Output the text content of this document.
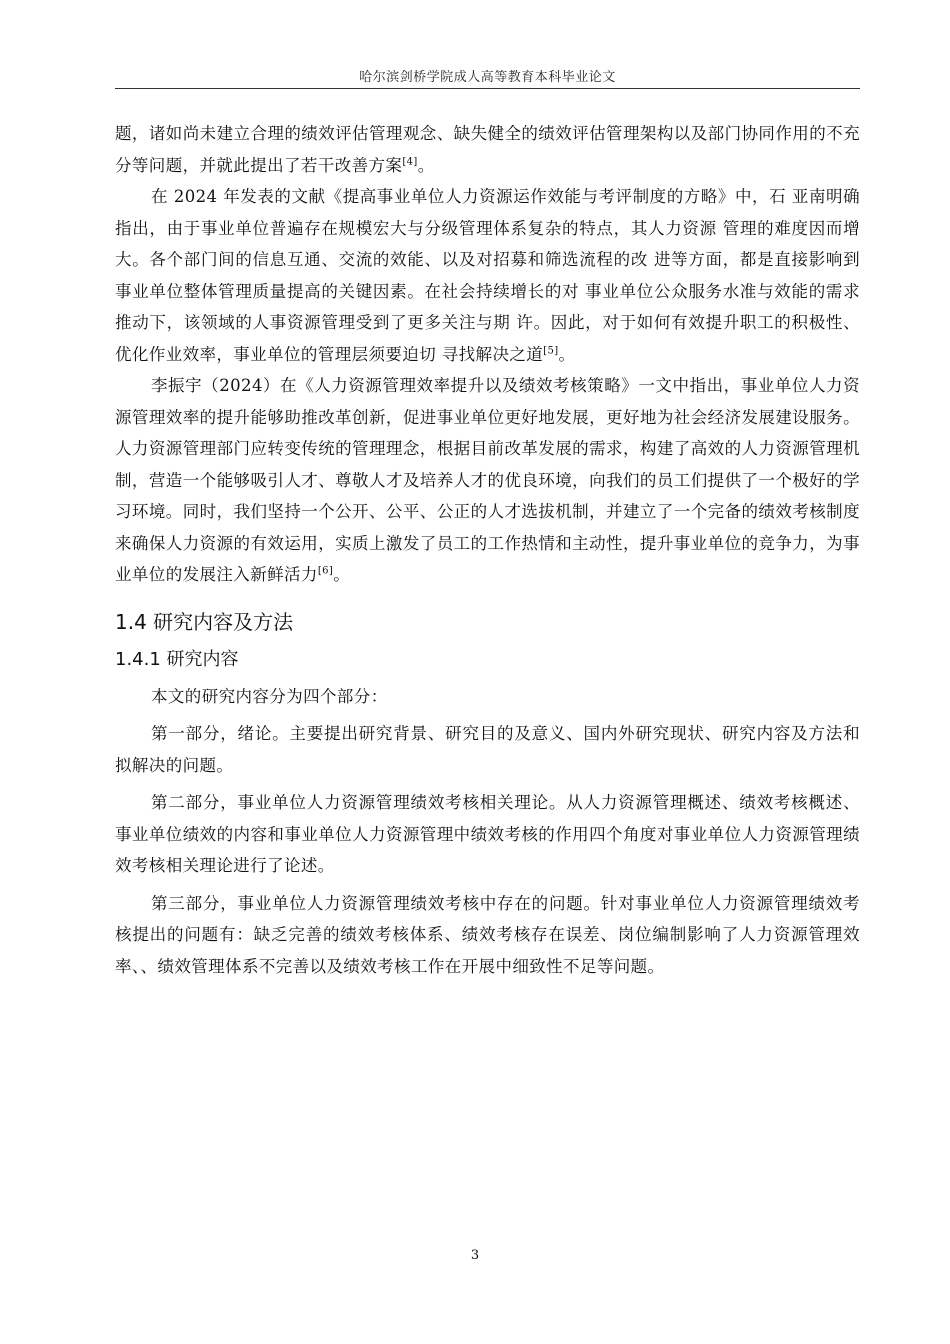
哈尔滨剑桥学院成人高等教育本科毕业论文

题，诸如尚未建立合理的绩效评估管理观念、缺失健全的绩效评估管理架构以及部门协同作用的不充分等问题，并就此提出了若干改善方案[4]。

在 2024 年发表的文献《提高事业单位人力资源运作效能与考评制度的方略》中，石 亚南明确指出，由于事业单位普遍存在规模宏大与分级管理体系复杂的特点，其人力资源 管理的难度因而增大。各个部门间的信息互通、交流的效能、以及对招募和筛选流程的改 进等方面，都是直接影响到事业单位整体管理质量提高的关键因素。在社会持续增长的对 事业单位公众服务水准与效能的需求推动下，该领域的人事资源管理受到了更多关注与期 许。因此，对于如何有效提升职工的积极性、优化作业效率，事业单位的管理层须要迫切 寻找解决之道[5]。

李振宇（2024）在《人力资源管理效率提升以及绩效考核策略》一文中指出，事业单位人力资源管理效率的提升能够助推改革创新，促进事业单位更好地发展，更好地为社会经济发展建设服务。人力资源管理部门应转变传统的管理理念，根据目前改革发展的需求，构建了高效的人力资源管理机制，营造一个能够吸引人才、尊敬人才及培养人才的优良环境，向我们的员工们提供了一个极好的学习环境。同时，我们坚持一个公开、公平、公正的人才选拔机制，并建立了一个完备的绩效考核制度来确保人力资源的有效运用，实质上激发了员工的工作热情和主动性，提升事业单位的竞争力，为事业单位的发展注入新鲜活力[6]。

1.4 研究内容及方法
1.4.1 研究内容

本文的研究内容分为四个部分：

第一部分，绪论。主要提出研究背景、研究目的及意义、国内外研究现状、研究内容及方法和拟解决的问题。

第二部分，事业单位人力资源管理绩效考核相关理论。从人力资源管理概述、绩效考核概述、事业单位绩效的内容和事业单位人力资源管理中绩效考核的作用四个角度对事业单位人力资源管理绩效考核相关理论进行了论述。

第三部分，事业单位人力资源管理绩效考核中存在的问题。针对事业单位人力资源管理绩效考核提出的问题有：缺乏完善的绩效考核体系、绩效考核存在误差、岗位编制影响了人力资源管理效率、、绩效管理体系不完善以及绩效考核工作在开展中细致性不足等问题。

3
